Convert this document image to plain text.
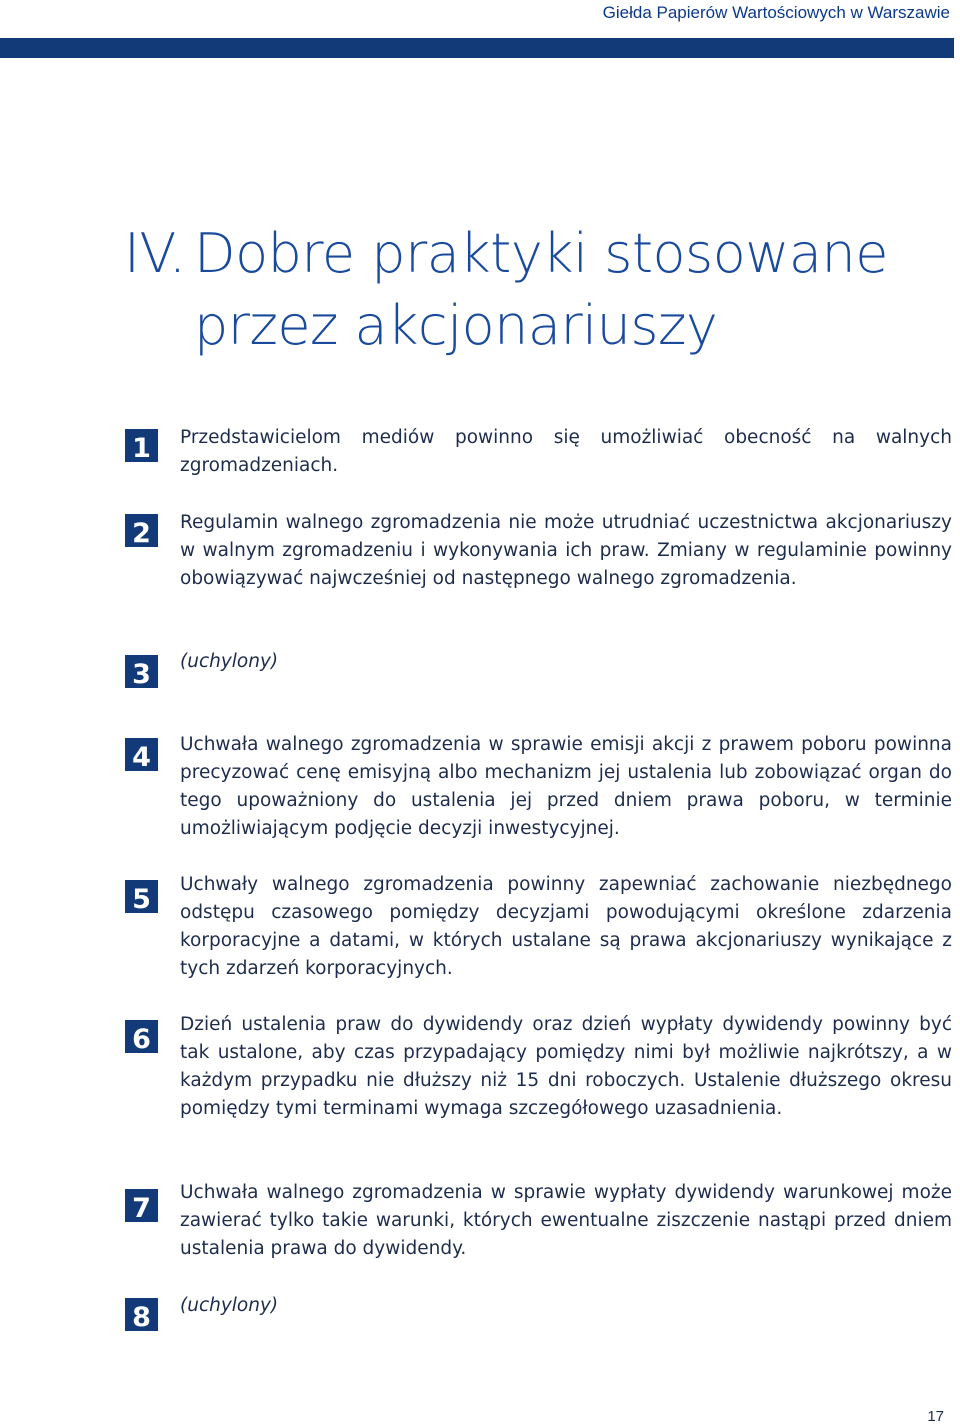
Giełda Papierów Wartościowych w Warszawie
IV. Dobre praktyki stosowane przez akcjonariuszy
1	Przedstawicielom mediów powinno się umożliwiać obecność na walnych zgromadzeniach.
2	Regulamin walnego zgromadzenia nie może utrudniać uczestnictwa akcjonariuszy w walnym zgromadzeniu i wykonywania ich praw. Zmiany w regulaminie powinny obowiązywać najwcześniej od następnego walnego zgromadzenia.
3	(uchylony)
4	Uchwała walnego zgromadzenia w sprawie emisji akcji z prawem poboru powinna precyzować cenę emisyjną albo mechanizm jej ustalenia lub zobowiązać organ do tego upoważniony do ustalenia jej przed dniem prawa poboru, w terminie umożliwiającym podjęcie decyzji inwestycyjnej.
5	Uchwały walnego zgromadzenia powinny zapewniać zachowanie niezbędnego odstępu czasowego pomiędzy decyzjami powodującymi określone zdarzenia korporacyjne a datami, w których ustalane są prawa akcjonariuszy wynikające z tych zdarzeń korporacyjnych.
6	Dzień ustalenia praw do dywidendy oraz dzień wypłaty dywidendy powinny być tak ustalone, aby czas przypadający pomiędzy nimi był możliwie najkrótszy, a w każdym przypadku nie dłuższy niż 15 dni roboczych. Ustalenie dłuższego okresu pomiędzy tymi terminami wymaga szczegółowego uzasadnienia.
7
Uchwała walnego zgromadzenia w sprawie wypłaty dywidendy warunkowej może zawierać tylko takie warunki, których ewentualne ziszczenie nastąpi przed dniem ustalenia prawa do dywidendy.
8	(uchylony)
17
